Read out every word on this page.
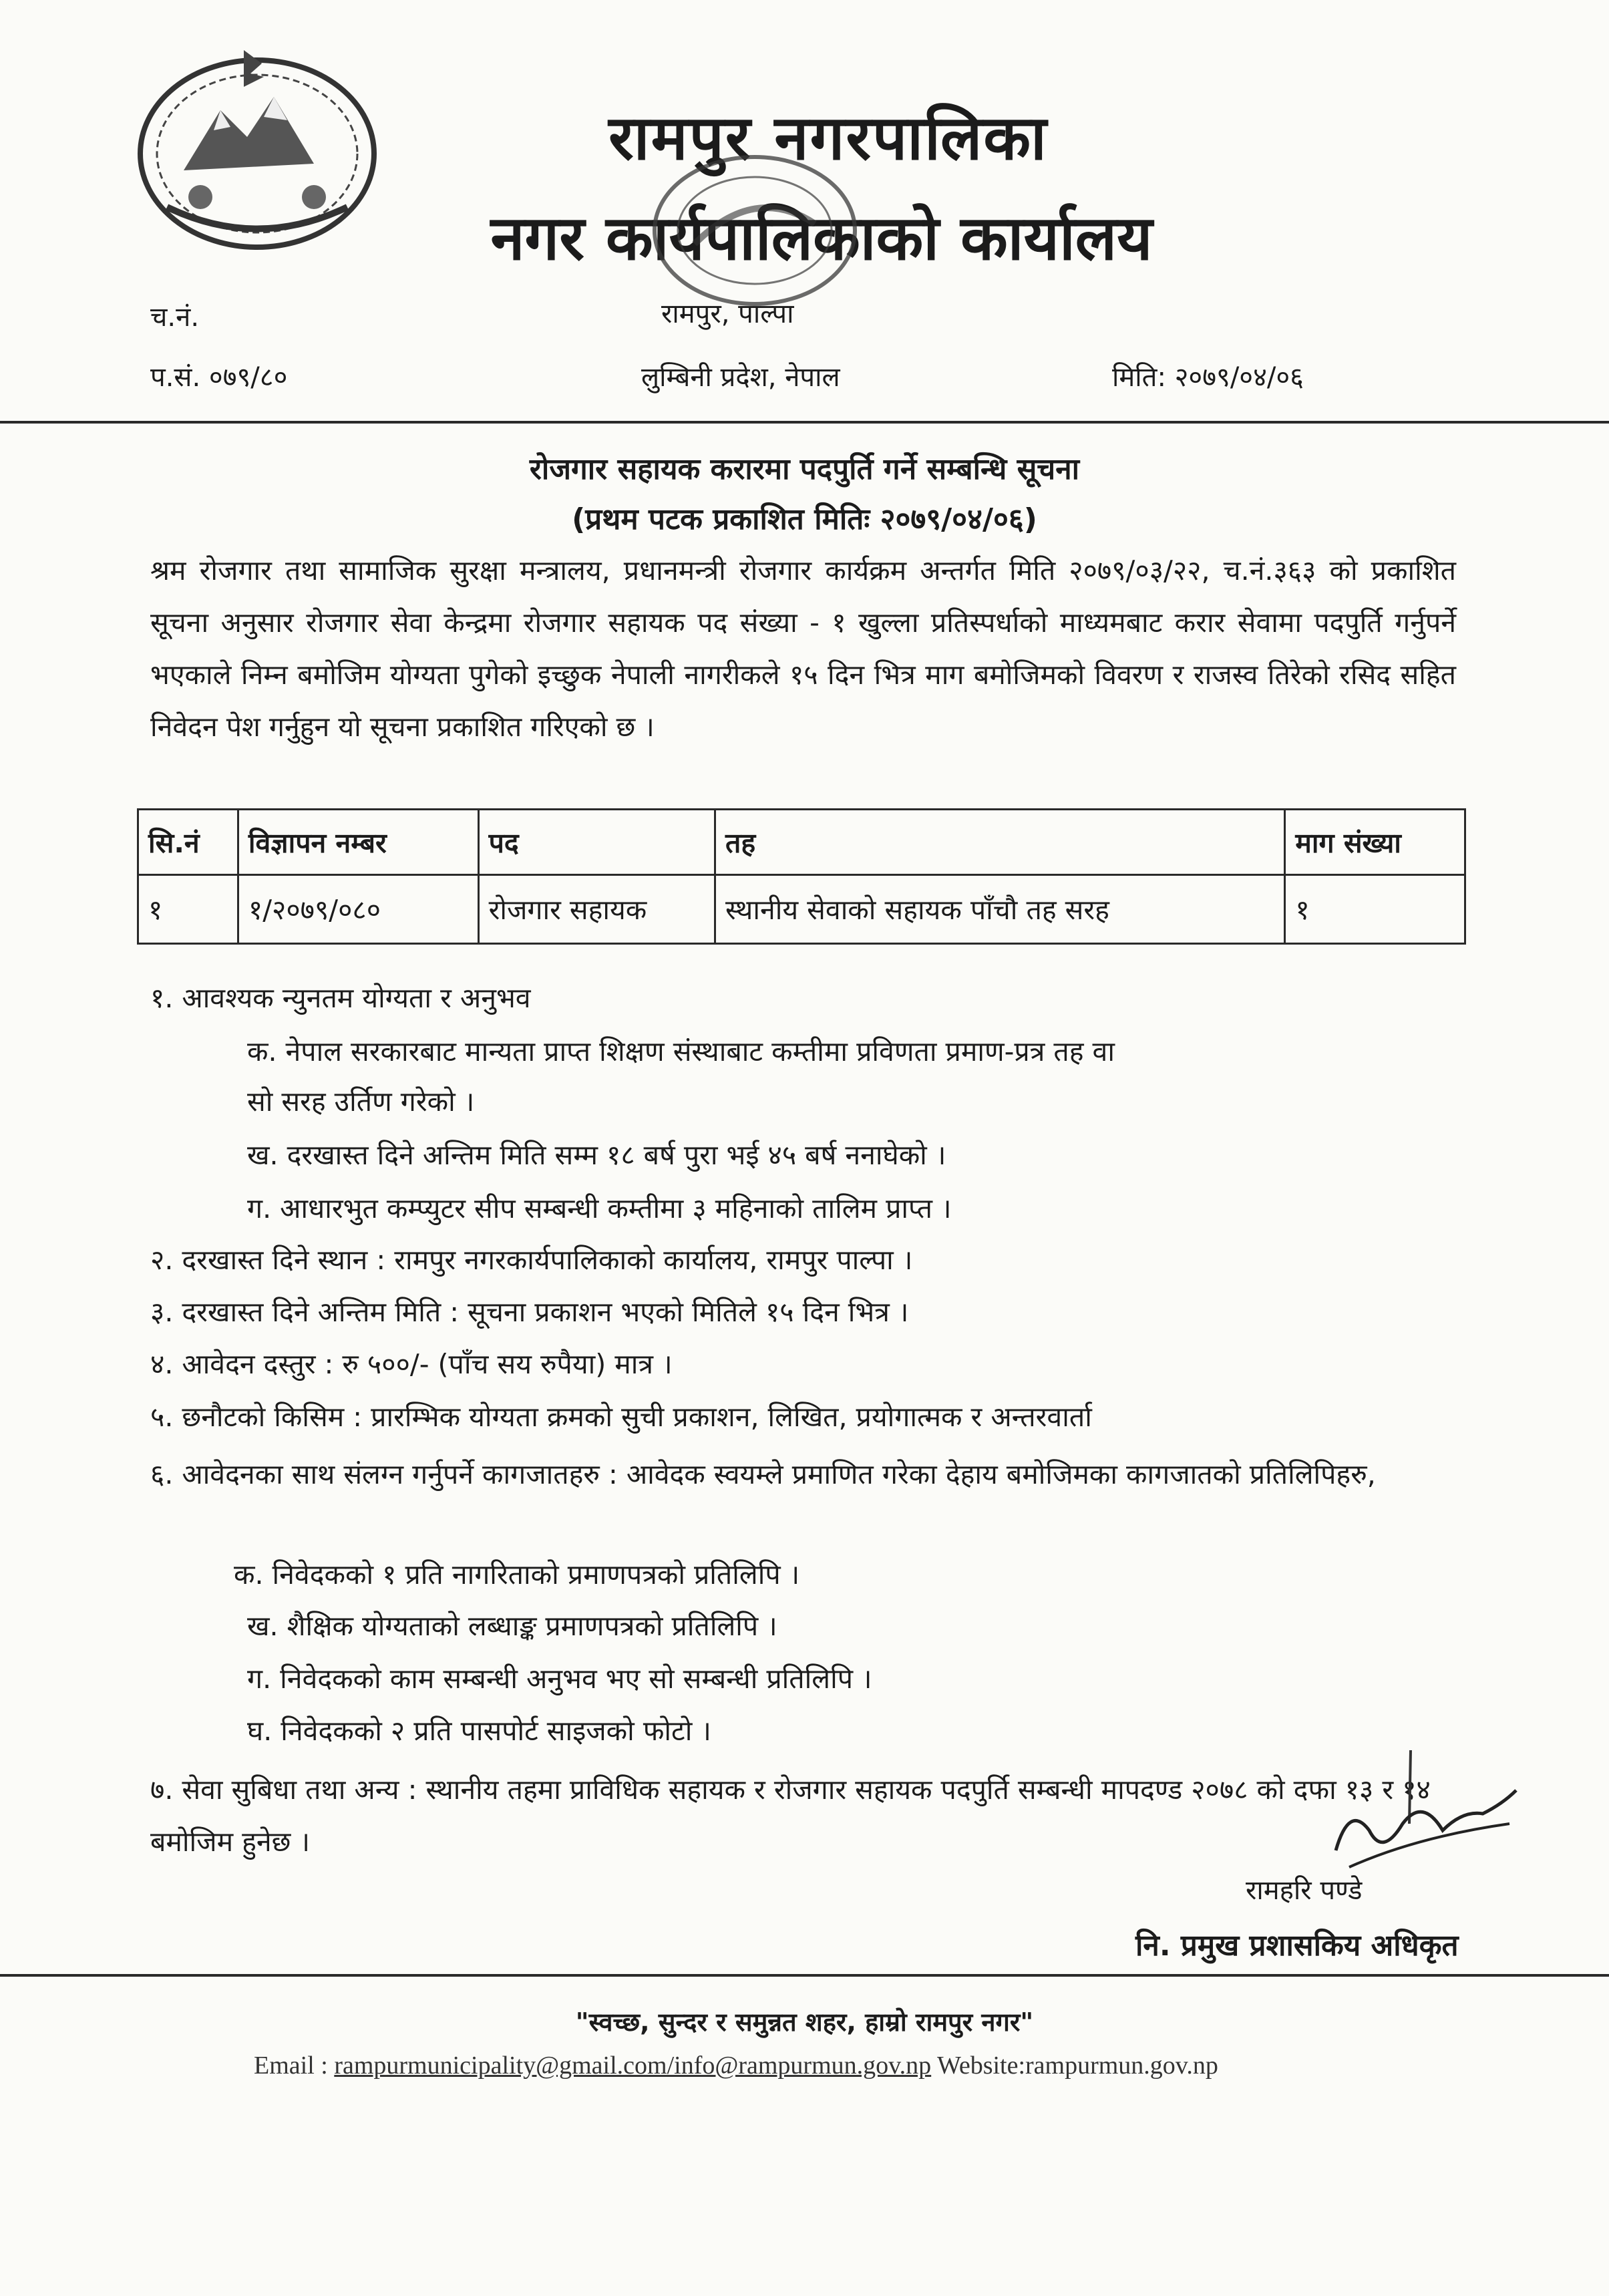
रामपुर नगरपालिका
नगर कार्यपालिकाको कार्यालय
रामपुर, पाल्पा
च.नं.
प.सं. ०७९/८०	लुम्बिनी प्रदेश, नेपाल	मिति: २०७९/०४/०६
रोजगार सहायक करारमा पदपुर्ति गर्ने सम्बन्धि सूचना
(प्रथम पटक प्रकाशित मितिः २०७९/०४/०६)
श्रम रोजगार तथा सामाजिक सुरक्षा मन्त्रालय, प्रधानमन्त्री रोजगार कार्यक्रम अन्तर्गत मिति २०७९/०३/२२, च.नं.३६३ को प्रकाशित सूचना अनुसार रोजगार सेवा केन्द्रमा रोजगार सहायक पद संख्या - १ खुल्ला प्रतिस्पर्धाको माध्यमबाट करार सेवामा पदपुर्ति गर्नुपर्ने भएकाले निम्न बमोजिम योग्यता पुगेको इच्छुक नेपाली नागरीकले १५ दिन भित्र माग बमोजिमको विवरण र राजस्व तिरेको रसिद सहित निवेदन पेश गर्नुहुन यो सूचना प्रकाशित गरिएको छ ।
सि.नं	विज्ञापन नम्बर	पद	तह	माग संख्या
१	१/२०७९/०८०	रोजगार सहायक	स्थानीय सेवाको सहायक पाँचौ तह सरह	१
१. आवश्यक न्युनतम योग्यता र अनुभव
क. नेपाल सरकारबाट मान्यता प्राप्त शिक्षण संस्थाबाट कम्तीमा प्रविणता प्रमाण-प्रत्र तह वा
सो सरह उर्तिण गरेको ।
ख. दरखास्त दिने अन्तिम मिति सम्म १८ बर्ष पुरा भई ४५ बर्ष ननाघेको ।
ग. आधारभुत कम्प्युटर सीप सम्बन्धी कम्तीमा ३ महिनाको तालिम प्राप्त ।
२. दरखास्त दिने स्थान : रामपुर नगरकार्यपालिकाको कार्यालय, रामपुर पाल्पा ।
३. दरखास्त दिने अन्तिम मिति : सूचना प्रकाशन भएको मितिले १५ दिन भित्र ।
४. आवेदन दस्तुर : रु ५००/- (पाँच सय रुपैया) मात्र ।
५. छनौटको किसिम : प्रारम्भिक योग्यता क्रमको सुची प्रकाशन, लिखित, प्रयोगात्मक र अन्तरवार्ता
६. आवेदनका साथ संलग्न गर्नुपर्ने कागजातहरु : आवेदक स्वयम्ले प्रमाणित गरेका देहाय बमोजिमका कागजातको प्रतिलिपिहरु,
क. निवेदकको १ प्रति नागरिताको प्रमाणपत्रको प्रतिलिपि ।
ख. शैक्षिक योग्यताको लब्धाङ्क प्रमाणपत्रको प्रतिलिपि ।
ग. निवेदकको काम सम्बन्धी अनुभव भए सो सम्बन्धी प्रतिलिपि ।
घ. निवेदकको २ प्रति पासपोर्ट साइजको फोटो ।
७. सेवा सुबिधा तथा अन्य : स्थानीय तहमा प्राविधिक सहायक र रोजगार सहायक पदपुर्ति सम्बन्धी मापदण्ड २०७८ को दफा १३ र १४ बमोजिम हुनेछ ।
रामहरि पण्डे
नि. प्रमुख प्रशासकिय अधिकृत
"स्वच्छ, सुन्दर र समुन्नत शहर, हाम्रो रामपुर नगर"
Email : rampurmunicipality@gmail.com/info@rampurmun.gov.np Website:rampurmun.gov.np
